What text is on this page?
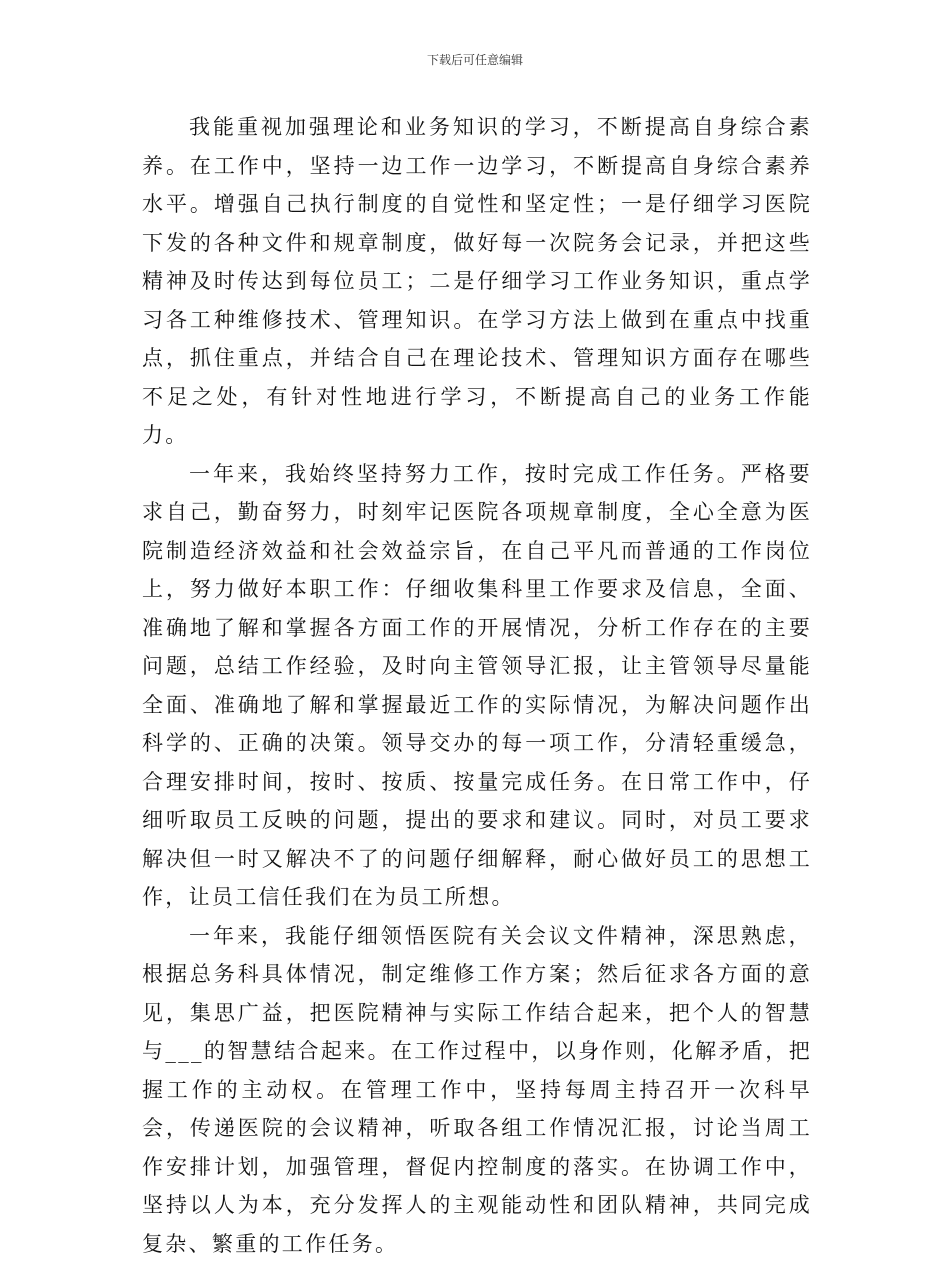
下载后可任意编辑

我能重视加强理论和业务知识的学习，不断提高自身综合素养。在工作中，坚持一边工作一边学习，不断提高自身综合素养水平。增强自己执行制度的自觉性和坚定性；一是仔细学习医院下发的各种文件和规章制度，做好每一次院务会记录，并把这些精神及时传达到每位员工；二是仔细学习工作业务知识，重点学习各工种维修技术、管理知识。在学习方法上做到在重点中找重点，抓住重点，并结合自己在理论技术、管理知识方面存在哪些不足之处，有针对性地进行学习，不断提高自己的业务工作能力。

一年来，我始终坚持努力工作，按时完成工作任务。严格要求自己，勤奋努力，时刻牢记医院各项规章制度，全心全意为医院制造经济效益和社会效益宗旨，在自己平凡而普通的工作岗位上，努力做好本职工作：仔细收集科里工作要求及信息，全面、准确地了解和掌握各方面工作的开展情况，分析工作存在的主要问题，总结工作经验，及时向主管领导汇报，让主管领导尽量能全面、准确地了解和掌握最近工作的实际情况，为解决问题作出科学的、正确的决策。领导交办的每一项工作，分清轻重缓急，合理安排时间，按时、按质、按量完成任务。在日常工作中，仔细听取员工反映的问题，提出的要求和建议。同时，对员工要求解决但一时又解决不了的问题仔细解释，耐心做好员工的思想工作，让员工信任我们在为员工所想。

一年来，我能仔细领悟医院有关会议文件精神，深思熟虑，根据总务科具体情况，制定维修工作方案；然后征求各方面的意见，集思广益，把医院精神与实际工作结合起来，把个人的智慧与___的智慧结合起来。在工作过程中，以身作则，化解矛盾，把握工作的主动权。在管理工作中，坚持每周主持召开一次科早会，传递医院的会议精神，听取各组工作情况汇报，讨论当周工作安排计划，加强管理，督促内控制度的落实。在协调工作中，坚持以人为本，充分发挥人的主观能动性和团队精神，共同完成复杂、繁重的工作任务。
